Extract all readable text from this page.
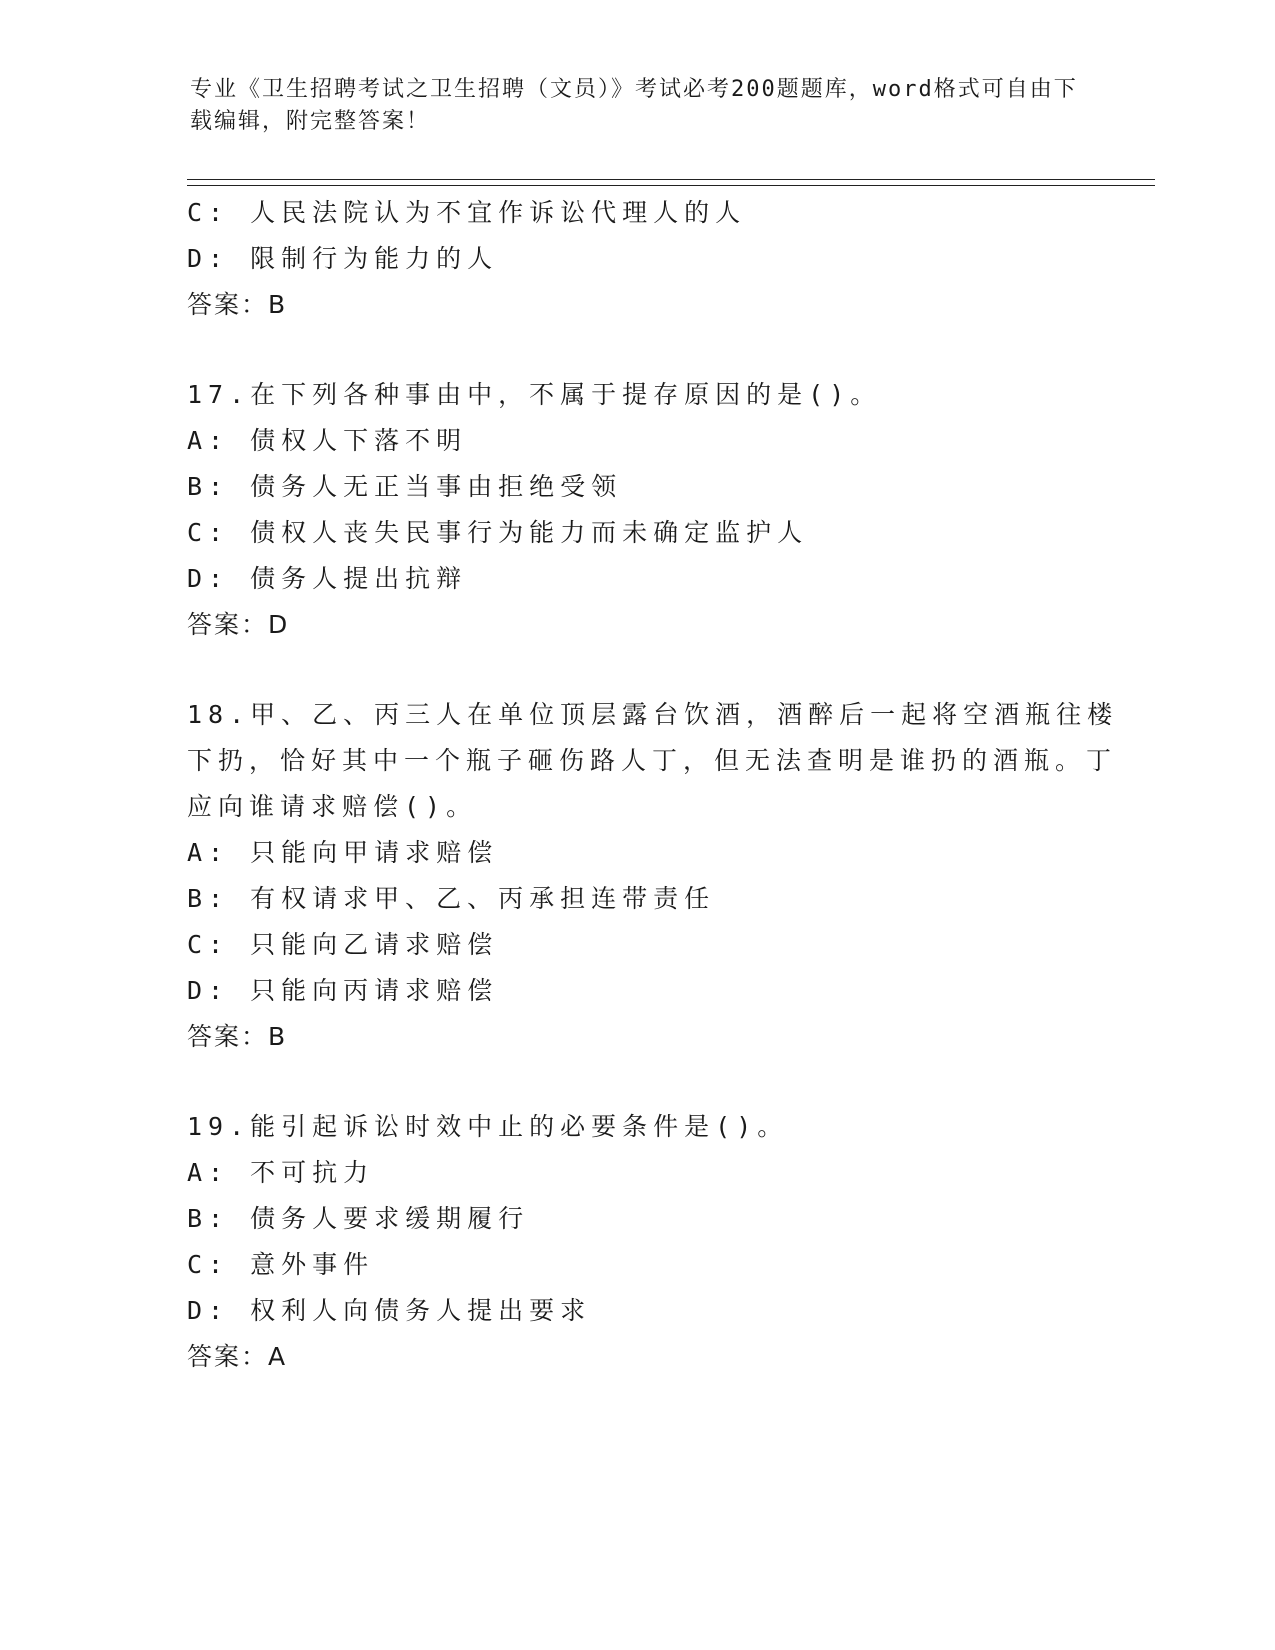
专业《卫生招聘考试之卫生招聘（文员）》考试必考200题题库，word格式可自由下载编辑，附完整答案！
C: 人民法院认为不宜作诉讼代理人的人
D: 限制行为能力的人
答案：B
17.在下列各种事由中，不属于提存原因的是()。
A: 债权人下落不明
B: 债务人无正当事由拒绝受领
C: 债权人丧失民事行为能力而未确定监护人
D: 债务人提出抗辩
答案：D
18.甲、乙、丙三人在单位顶层露台饮酒，酒醉后一起将空酒瓶往楼下扔，恰好其中一个瓶子砸伤路人丁，但无法查明是谁扔的酒瓶。丁应向谁请求赔偿()。
A: 只能向甲请求赔偿
B: 有权请求甲、乙、丙承担连带责任
C: 只能向乙请求赔偿
D: 只能向丙请求赔偿
答案：B
19.能引起诉讼时效中止的必要条件是()。
A: 不可抗力
B: 债务人要求缓期履行
C: 意外事件
D: 权利人向债务人提出要求
答案：A
